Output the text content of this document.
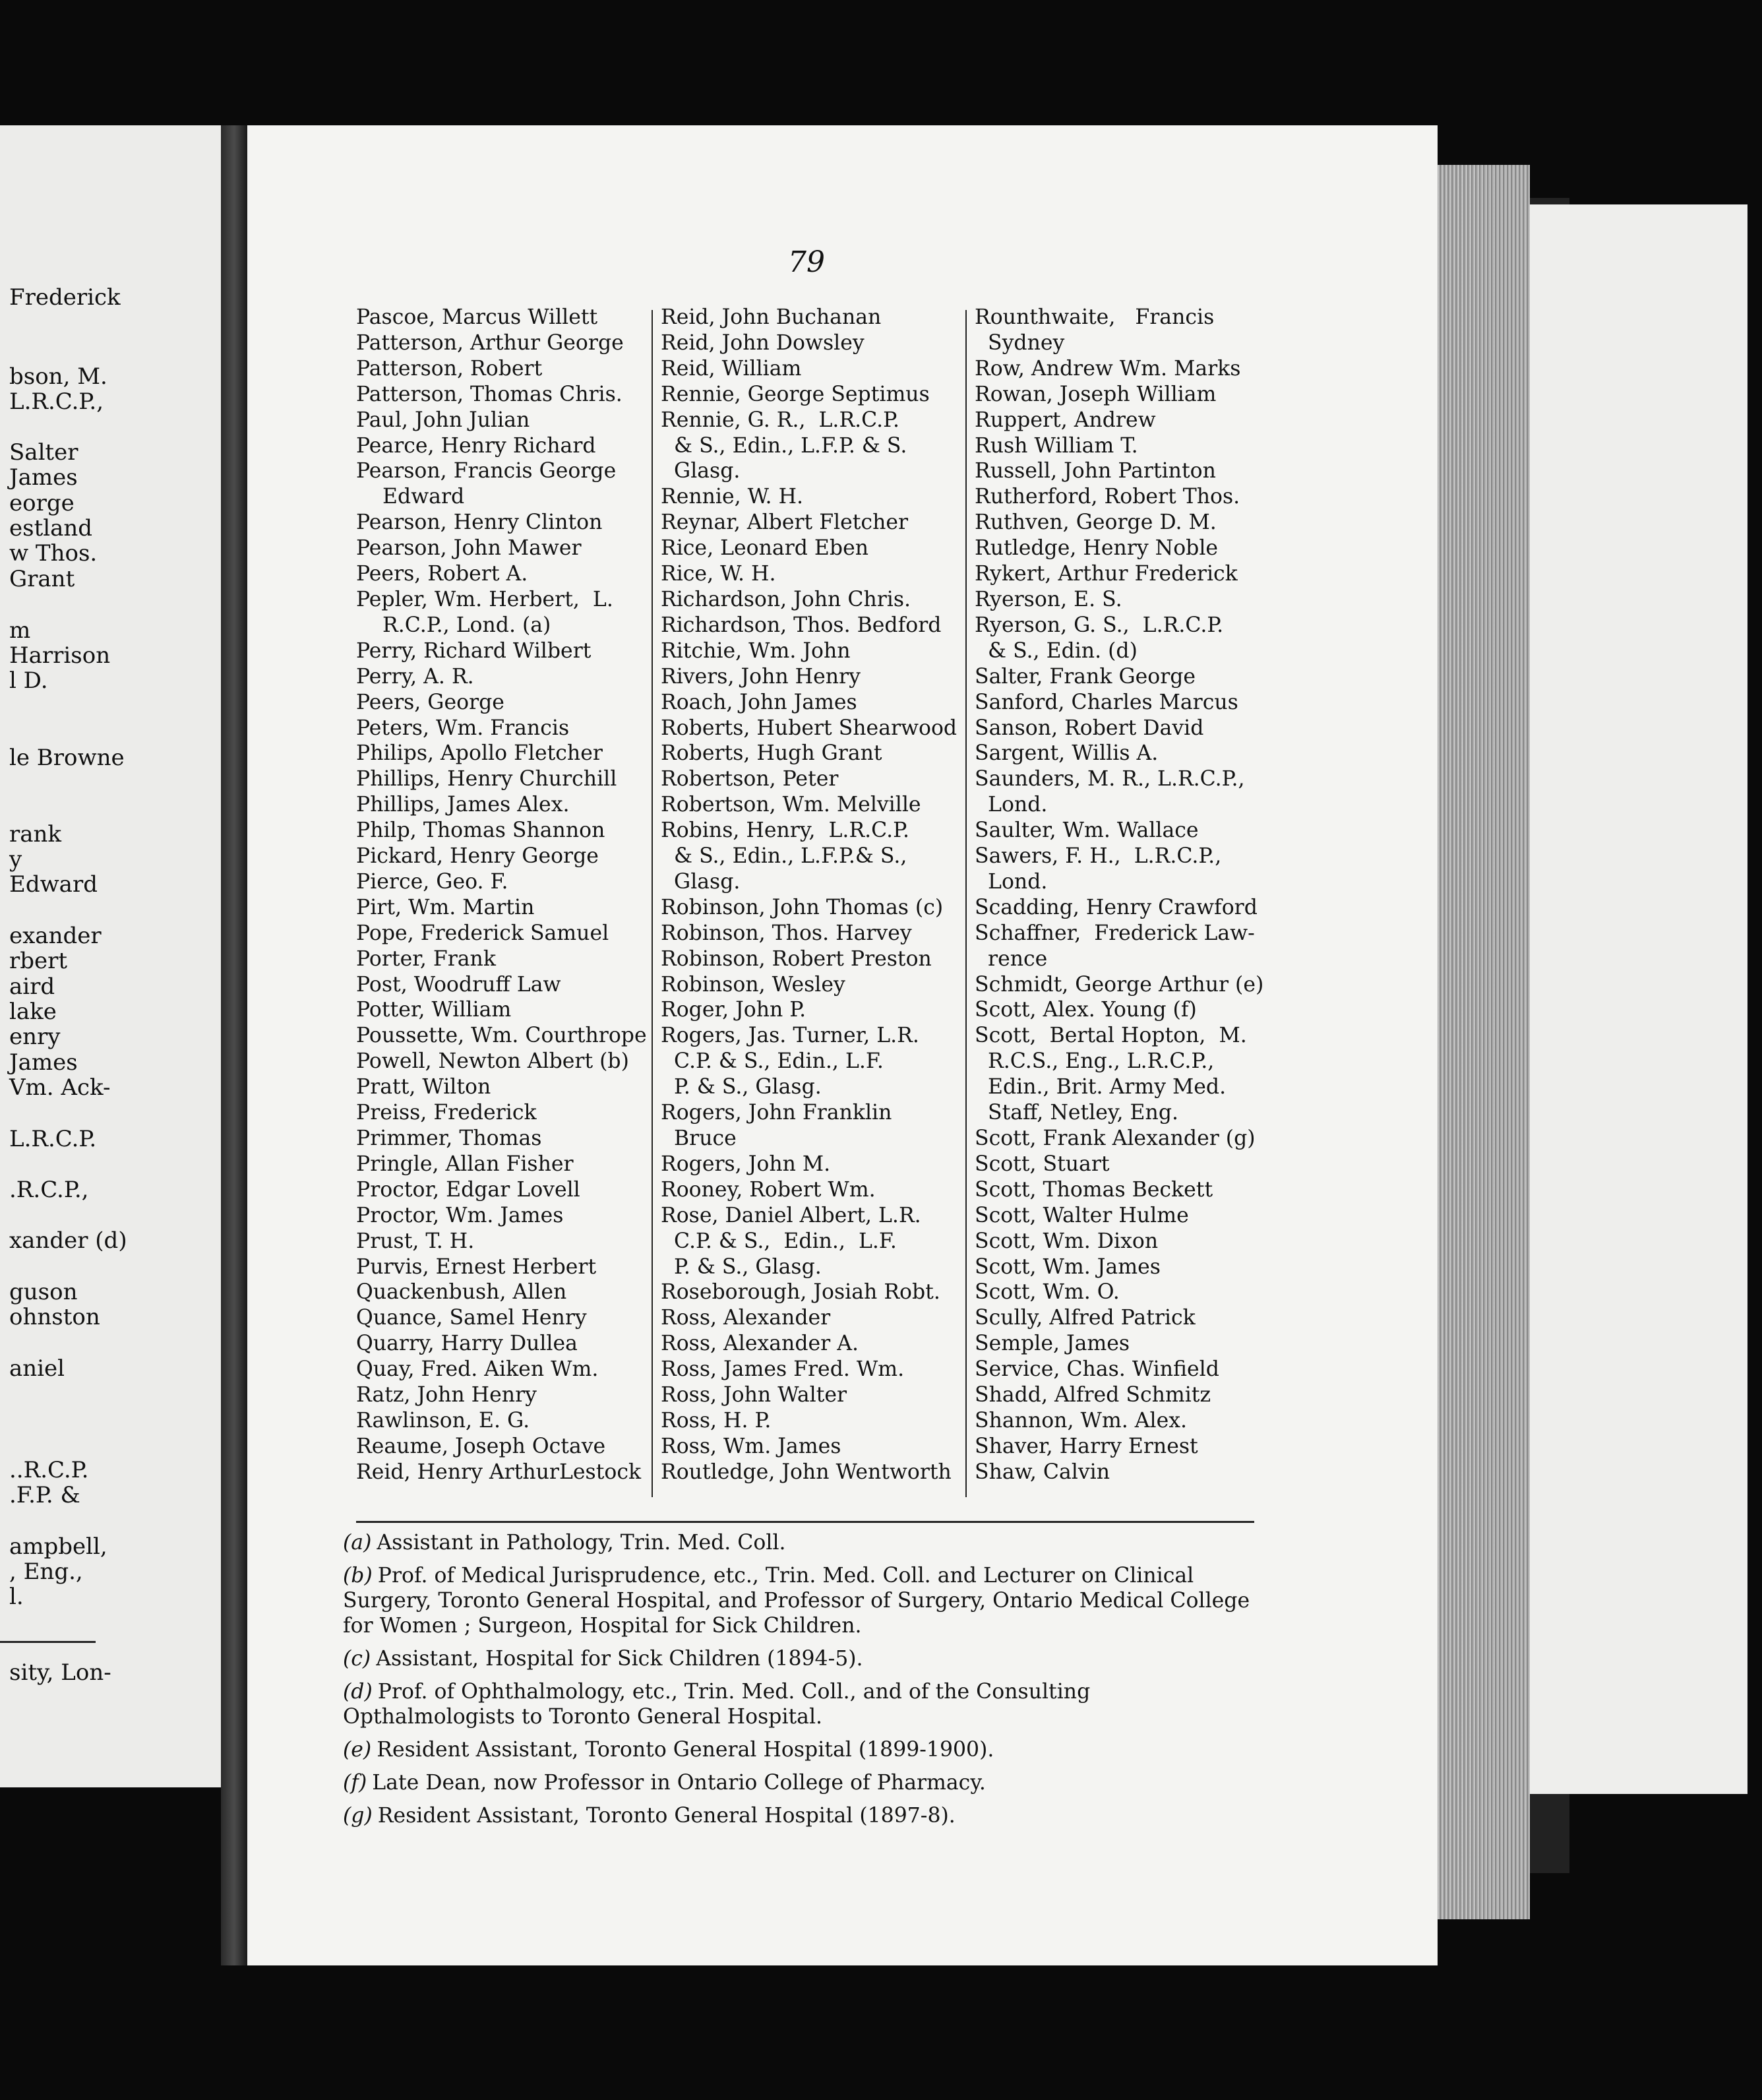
Frederick
bson, M.
L.R.C.P.,
Salter
James
eorge
estland
w Thos.
Grant
m
Harrison
l D.
le Browne
rank
y
Edward
exander
rbert
aird
lake
enry
James
Vm. Ack-
L.R.C.P.
.R.C.P.,
xander (d)
guson
ohnston
aniel
..R.C.P.
.F.P. &
ampbell,
, Eng.,
l.
sity, Lon-
79
Pascoe, Marcus Willett
Patterson, Arthur George
Patterson, Robert
Patterson, Thomas Chris.
Paul, John Julian
Pearce, Henry Richard
Pearson, Francis George
Edward
Pearson, Henry Clinton
Pearson, John Mawer
Peers, Robert A.
Pepler, Wm. Herbert,  L.
R.C.P., Lond. (a)
Perry, Richard Wilbert
Perry, A. R.
Peers, George
Peters, Wm. Francis
Philips, Apollo Fletcher
Phillips, Henry Churchill
Phillips, James Alex.
Philp, Thomas Shannon
Pickard, Henry George
Pierce, Geo. F.
Pirt, Wm. Martin
Pope, Frederick Samuel
Porter, Frank
Post, Woodruff Law
Potter, William
Poussette, Wm. Courthrope
Powell, Newton Albert (b)
Pratt, Wilton
Preiss, Frederick
Primmer, Thomas
Pringle, Allan Fisher
Proctor, Edgar Lovell
Proctor, Wm. James
Prust, T. H.
Purvis, Ernest Herbert
Quackenbush, Allen
Quance, Samel Henry
Quarry, Harry Dullea
Quay, Fred. Aiken Wm.
Ratz, John Henry
Rawlinson, E. G.
Reaume, Joseph Octave
Reid, Henry ArthurLestock
Reid, John Buchanan
Reid, John Dowsley
Reid, William
Rennie, George Septimus
Rennie, G. R.,  L.R.C.P.
& S., Edin., L.F.P. & S.
Glasg.
Rennie, W. H.
Reynar, Albert Fletcher
Rice, Leonard Eben
Rice, W. H.
Richardson, John Chris.
Richardson, Thos. Bedford
Ritchie, Wm. John
Rivers, John Henry
Roach, John James
Roberts, Hubert Shearwood
Roberts, Hugh Grant
Robertson, Peter
Robertson, Wm. Melville
Robins, Henry,  L.R.C.P.
& S., Edin., L.F.P.& S.,
Glasg.
Robinson, John Thomas (c)
Robinson, Thos. Harvey
Robinson, Robert Preston
Robinson, Wesley
Roger, John P.
Rogers, Jas. Turner, L.R.
C.P. & S., Edin., L.F.
P. & S., Glasg.
Rogers, John Franklin
Bruce
Rogers, John M.
Rooney, Robert Wm.
Rose, Daniel Albert, L.R.
C.P. & S.,  Edin.,  L.F.
P. & S., Glasg.
Roseborough, Josiah Robt.
Ross, Alexander
Ross, Alexander A.
Ross, James Fred. Wm.
Ross, John Walter
Ross, H. P.
Ross, Wm. James
Routledge, John Wentworth
Rounthwaite,   Francis
Sydney
Row, Andrew Wm. Marks
Rowan, Joseph William
Ruppert, Andrew
Rush William T.
Russell, John Partinton
Rutherford, Robert Thos.
Ruthven, George D. M.
Rutledge, Henry Noble
Rykert, Arthur Frederick
Ryerson, E. S.
Ryerson, G. S.,  L.R.C.P.
& S., Edin. (d)
Salter, Frank George
Sanford, Charles Marcus
Sanson, Robert David
Sargent, Willis A.
Saunders, M. R., L.R.C.P.,
Lond.
Saulter, Wm. Wallace
Sawers, F. H.,  L.R.C.P.,
Lond.
Scadding, Henry Crawford
Schaffner,  Frederick Law-
rence
Schmidt, George Arthur (e)
Scott, Alex. Young (f)
Scott,  Bertal Hopton,  M.
R.C.S., Eng., L.R.C.P.,
Edin., Brit. Army Med.
Staff, Netley, Eng.
Scott, Frank Alexander (g)
Scott, Stuart
Scott, Thomas Beckett
Scott, Walter Hulme
Scott, Wm. Dixon
Scott, Wm. James
Scott, Wm. O.
Scully, Alfred Patrick
Semple, James
Service, Chas. Winfield
Shadd, Alfred Schmitz
Shannon, Wm. Alex.
Shaver, Harry Ernest
Shaw, Calvin
(a) Assistant in Pathology, Trin. Med. Coll.
(b) Prof. of Medical Jurisprudence, etc., Trin. Med. Coll. and Lecturer on Clinical Surgery, Toronto General Hospital, and Professor of Surgery, Ontario Medical College for Women ; Surgeon, Hospital for Sick Children.
(c) Assistant, Hospital for Sick Children (1894-5).
(d) Prof. of Ophthalmology, etc., Trin. Med. Coll., and of the Consulting Opthalmologists to Toronto General Hospital.
(e) Resident Assistant, Toronto General Hospital (1899-1900).
(f) Late Dean, now Professor in Ontario College of Pharmacy.
(g) Resident Assistant, Toronto General Hospital (1897-8).
